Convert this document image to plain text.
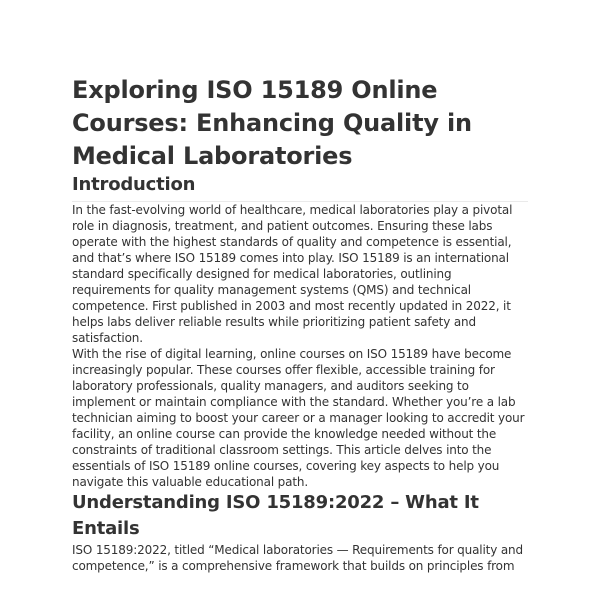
Exploring ISO 15189 Online Courses: Enhancing Quality in Medical Laboratories
Introduction

In the fast-evolving world of healthcare, medical laboratories play a pivotal role in diagnosis, treatment, and patient outcomes. Ensuring these labs operate with the highest standards of quality and competence is essential, and that’s where ISO 15189 comes into play. ISO 15189 is an international standard specifically designed for medical laboratories, outlining requirements for quality management systems (QMS) and technical competence. First published in 2003 and most recently updated in 2022, it helps labs deliver reliable results while prioritizing patient safety and satisfaction.

With the rise of digital learning, online courses on ISO 15189 have become increasingly popular. These courses offer flexible, accessible training for laboratory professionals, quality managers, and auditors seeking to implement or maintain compliance with the standard. Whether you’re a lab technician aiming to boost your career or a manager looking to accredit your facility, an online course can provide the knowledge needed without the constraints of traditional classroom settings. This article delves into the essentials of ISO 15189 online courses, covering key aspects to help you navigate this valuable educational path.

Understanding ISO 15189:2022 – What It Entails

ISO 15189:2022, titled “Medical laboratories — Requirements for quality and competence,” is a comprehensive framework that builds on principles from
